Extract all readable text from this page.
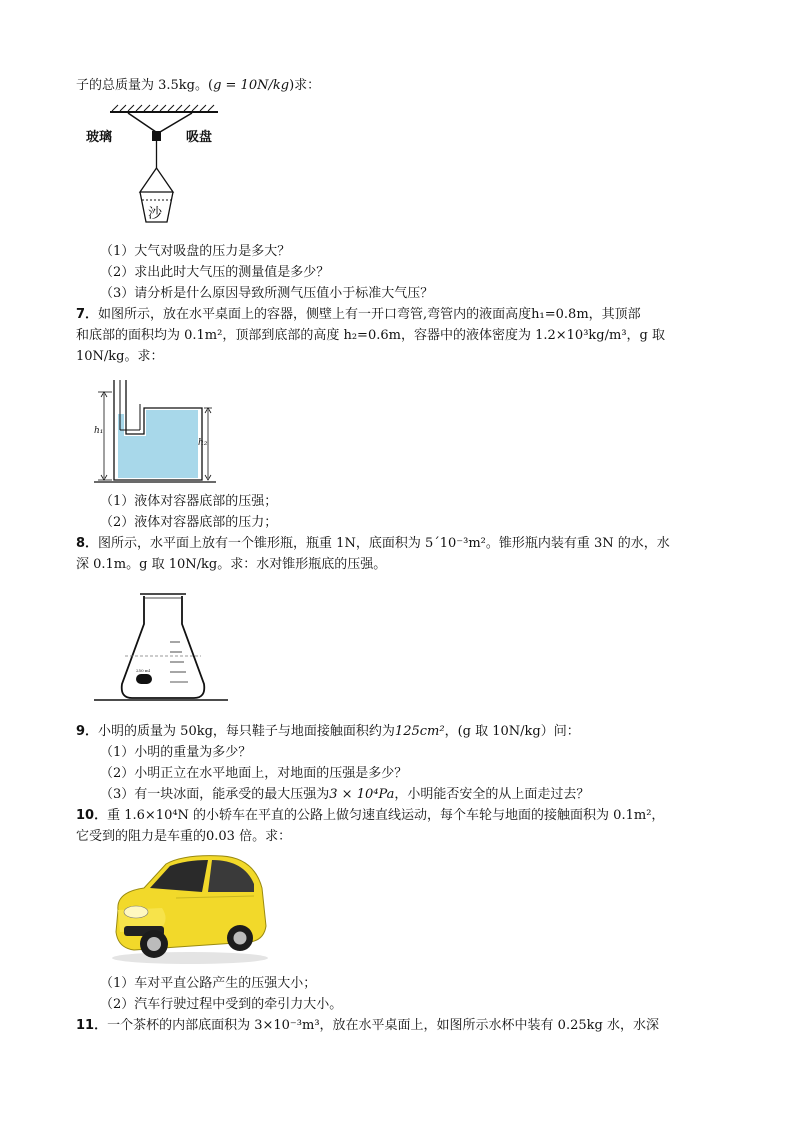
子的总质量为 3.5kg。(g = 10N/kg)求：
玻璃	吸盘
沙
（1）大气对吸盘的压力是多大？
（2）求出此时大气压的测量值是多少？
（3）请分析是什么原因导致所测气压值小于标准大气压？
7．如图所示，放在水平桌面上的容器，侧壁上有一开口弯管,弯管内的液面高度h₁=0.8m，其顶部
和底部的面积均为 0.1m²，顶部到底部的高度 h₂=0.6m，容器中的液体密度为 1.2×10³kg/m³，g 取
10N/kg。求：
h₁
h₂
（1）液体对容器底部的压强；
（2）液体对容器底部的压力；
8．图所示，水平面上放有一个锥形瓶，瓶重 1N，底面积为 5´10⁻³m²。锥形瓶内装有重 3N 的水，水
深 0.1m。g 取 10N/kg。求：水对锥形瓶底的压强。
250 ml
9．小明的质量为 50kg，每只鞋子与地面接触面积约为125cm²，(g 取 10N/kg）问：
（1）小明的重量为多少？
（2）小明正立在水平地面上，对地面的压强是多少？
（3）有一块冰面，能承受的最大压强为3 × 10⁴Pa，小明能否安全的从上面走过去？
10．重 1.6×10⁴N 的小轿车在平直的公路上做匀速直线运动，每个车轮与地面的接触面积为 0.1m²，
它受到的阻力是车重的0.03 倍。求：
（1）车对平直公路产生的压强大小；
（2）汽车行驶过程中受到的牵引力大小。
11．一个茶杯的内部底面积为 3×10⁻³m³，放在水平桌面上，如图所示水杯中装有 0.25kg 水，水深
